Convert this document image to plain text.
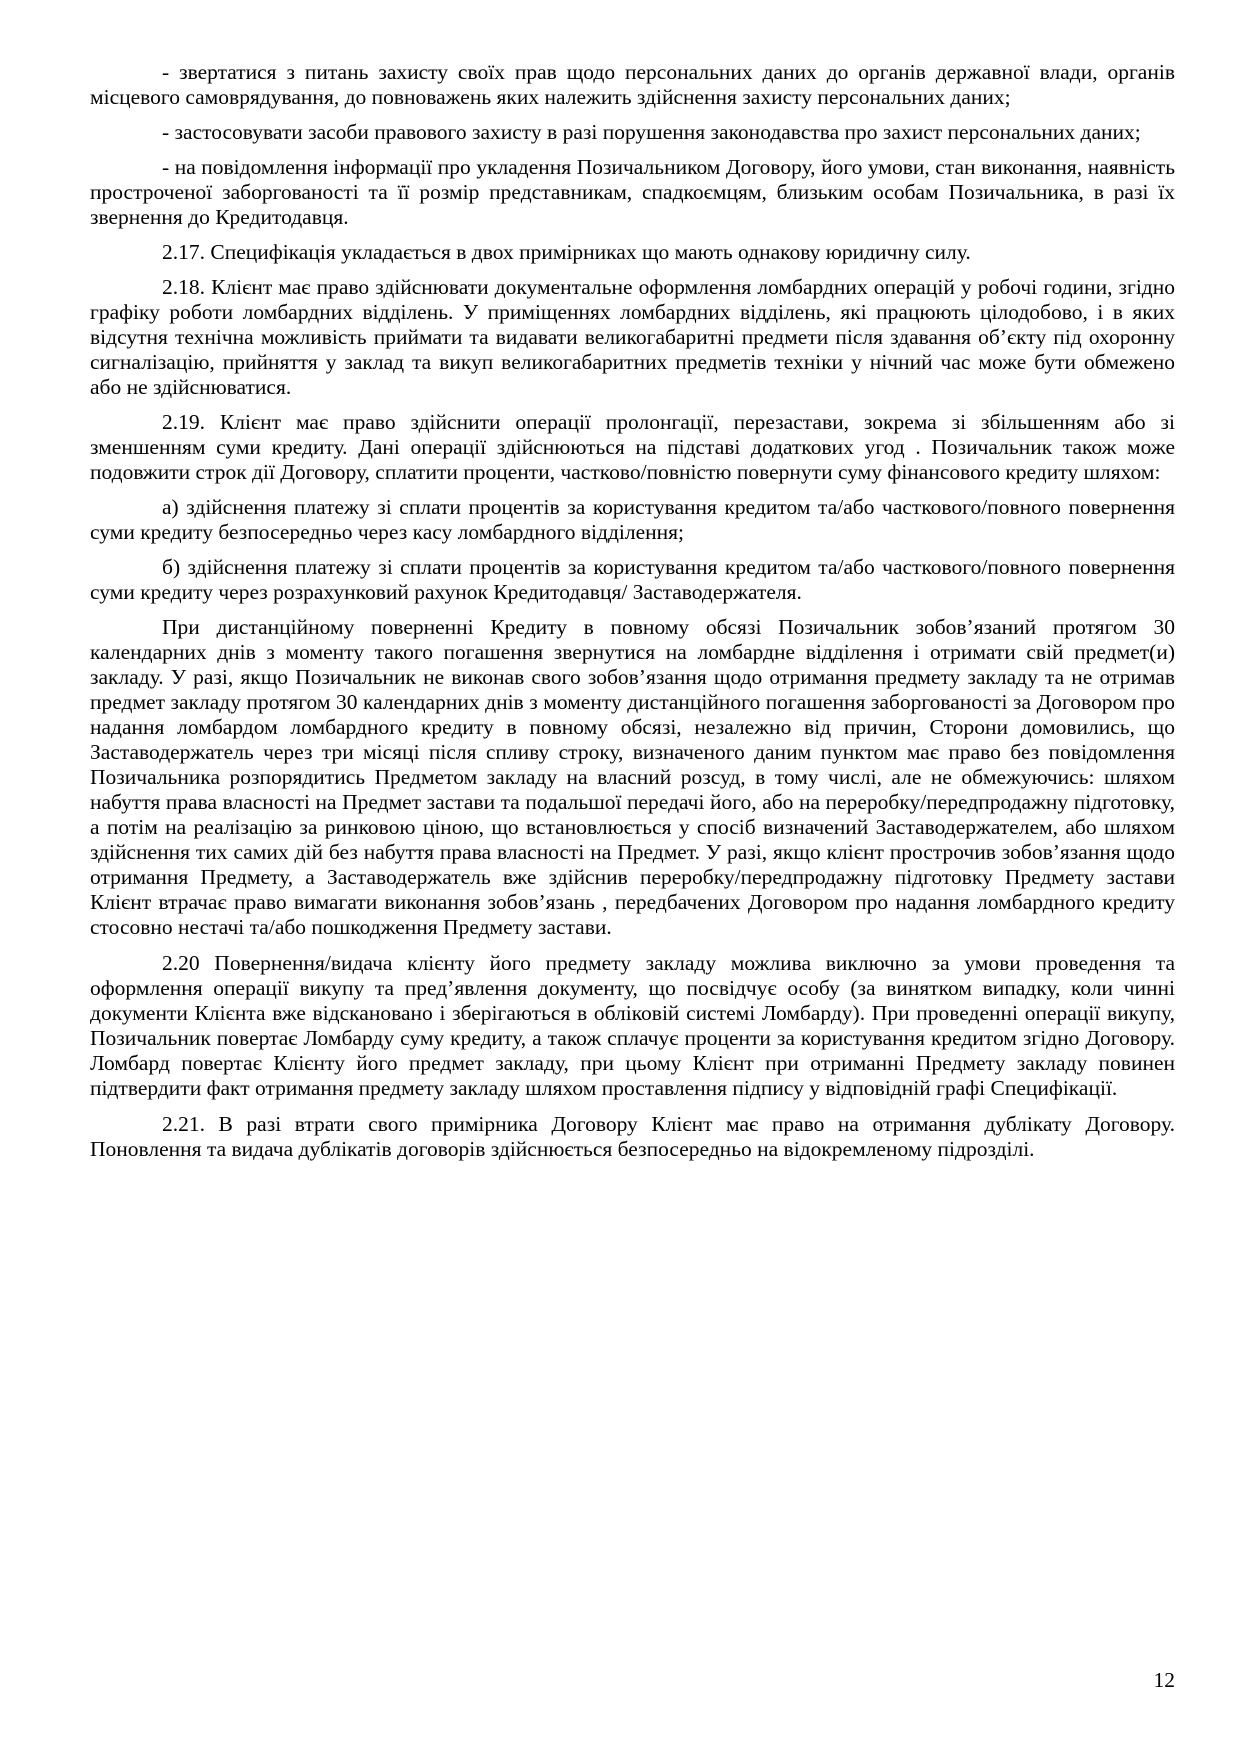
- звертатися з питань захисту своїх прав щодо персональних даних до органів державної влади, органів місцевого самоврядування, до повноважень яких належить здійснення захисту персональних даних;

- застосовувати засоби правового захисту в разі порушення законодавства про захист персональних даних;

- на повідомлення інформації про укладення Позичальником Договору, його умови, стан виконання, наявність простроченої заборгованості та її розмір представникам, спадкоємцям, близьким особам Позичальника, в разі їх звернення до Кредитодавця.

2.17. Специфікація укладається в двох примірниках що мають однакову юридичну силу.

2.18. Клієнт має право здійснювати документальне оформлення ломбардних операцій у робочі години, згідно графіку роботи ломбардних відділень. У приміщеннях ломбардних відділень, які працюють цілодобово, і в яких відсутня технічна можливість приймати та видавати великогабаритні предмети після здавання об’єкту під охоронну сигналізацію, прийняття у заклад та викуп великогабаритних предметів техніки у нічний час може бути обмежено або не здійснюватися.

2.19. Клієнт має право здійснити операції пролонгації, перезастави, зокрема зі збільшенням або зі зменшенням суми кредиту. Дані операції здійснюються на підставі додаткових угод . Позичальник також може подовжити строк дії Договору, сплатити проценти, частково/повністю повернути суму фінансового кредиту шляхом:

а) здійснення платежу зі сплати процентів за користування кредитом та/або часткового/повного повернення суми кредиту безпосередньо через касу ломбардного відділення;

б) здійснення платежу зі сплати процентів за користування кредитом та/або часткового/повного повернення суми кредиту через розрахунковий рахунок Кредитодавця/ Заставодержателя.

При дистанційному поверненні Кредиту в повному обсязі Позичальник зобов’язаний протягом 30 календарних днів з моменту такого погашення звернутися на ломбардне відділення і отримати свій предмет(и) закладу. У разі, якщо Позичальник не виконав свого зобов’язання щодо отримання предмету закладу та не отримав предмет закладу протягом 30 календарних днів з моменту дистанційного погашення заборгованості за Договором про надання ломбардом ломбардного кредиту в повному обсязі, незалежно від причин, Сторони домовились, що Заставодержатель через три місяці після спливу строку, визначеного даним пунктом має право без повідомлення Позичальника розпорядитись Предметом закладу на власний розсуд, в тому числі, але не обмежуючись: шляхом набуття права власності на Предмет застави та подальшої передачі його, або на переробку/передпродажну підготовку, а потім на реалізацію за ринковою ціною, що встановлюється у спосіб визначений Заставодержателем, або шляхом здійснення тих самих дій без набуття права власності на Предмет. У разі, якщо клієнт прострочив зобов’язання щодо отримання Предмету, а Заставодержатель вже здійснив переробку/передпродажну підготовку Предмету застави Клієнт втрачає право вимагати виконання зобов’язань , передбачених Договором про надання ломбардного кредиту стосовно нестачі та/або пошкодження Предмету застави.

2.20 Повернення/видача клієнту його предмету закладу можлива виключно за умови проведення та оформлення операції викупу та пред’явлення документу, що посвідчує особу (за винятком випадку, коли чинні документи Клієнта вже відскановано і зберігаються в обліковій системі Ломбарду). При проведенні операції викупу, Позичальник повертає Ломбарду суму кредиту, а також сплачує проценти за користування кредитом згідно Договору. Ломбард повертає Клієнту його предмет закладу, при цьому Клієнт при отриманні Предмету закладу повинен підтвердити факт отримання предмету закладу шляхом проставлення підпису у відповідній графі Специфікації.

2.21. В разі втрати свого примірника Договору Клієнт має право на отримання дублікату Договору. Поновлення та видача дублікатів договорів здійснюється безпосередньо на відокремленому підрозділі.

12
